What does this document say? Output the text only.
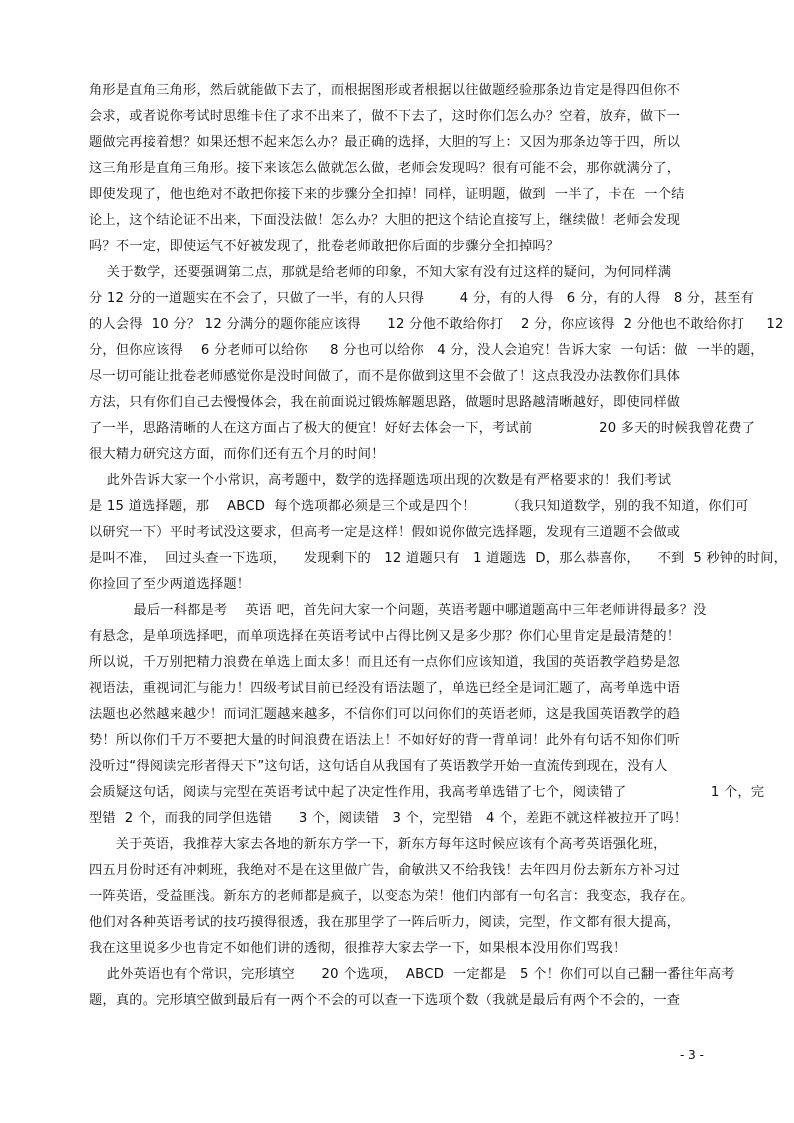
角形是直角三角形，然后就能做下去了，而根据图形或者根据以往做题经验那条边肯定是得四但你不
会求，或者说你考试时思维卡住了求不出来了，做不下去了，这时你们怎么办？空着，放弃，做下一
题做完再接着想？如果还想不起来怎么办？最正确的选择，大胆的写上：又因为那条边等于四，所以
这三角形是直角三角形。接下来该怎么做就怎么做，老师会发现吗？很有可能不会，那你就满分了，
即使发现了，他也绝对不敢把你接下来的步骤分全扣掉！同样，证明题，做到  一半了，卡在  一个结
论上，这个结论证不出来，下面没法做！怎么办？大胆的把这个结论直接写上，继续做！老师会发现
吗？不一定，即使运气不好被发现了，批卷老师敢把你后面的步骤分全扣掉吗？
关于数学，还要强调第二点，那就是给老师的印象，不知大家有没有过这样的疑问，为何同样满
分 12 分的一道题实在不会了，只做了一半，有的人只得        4 分，有的人得   6 分，有的人得   8 分，甚至有
的人会得  10 分？ 12 分满分的题你能应该得      12 分他不敢给你打    2 分，你应该得  2 分他也不敢给你打     12
分，但你应该得    6 分老师可以给你     8 分也可以给你   4 分，没人会追究！告诉大家  一句话：做  一半的题，
尽一切可能让批卷老师感觉你是没时间做了，而不是你做到这里不会做了！这点我没办法教你们具体
方法，只有你们自己去慢慢体会，我在前面说过锻炼解题思路，做题时思路越清晰越好，即使同样做
了一半，思路清晰的人在这方面占了极大的便宜！好好去体会一下，考试前               20 多天的时候我曾花费了
很大精力研究这方面，而你们还有五个月的时间！
此外告诉大家一个小常识，高考题中，数学的选择题选项出现的次数是有严格要求的！我们考试
是 15 道选择题，那    ABCD  每个选项都必须是三个或是四个！       （我只知道数学，别的我不知道，你们可
以研究一下）平时考试没这要求，但高考一定是这样！假如说你做完选择题，发现有三道题不会做或
是叫不准，  回过头查一下选项，    发现剩下的   12 道题只有   1 道题选  D，那么恭喜你，    不到  5 秒钟的时间，
你捡回了至少两道选择题！
最后一科都是考    英语 吧，首先问大家一个问题，英语考题中哪道题高中三年老师讲得最多？没
有悬念，是单项选择吧，而单项选择在英语考试中占得比例又是多少那？你们心里肯定是最清楚的！
所以说，千万别把精力浪费在单选上面太多！而且还有一点你们应该知道，我国的英语教学趋势是忽
视语法，重视词汇与能力！四级考试目前已经没有语法题了，单选已经全是词汇题了，高考单选中语
法题也必然越来越少！而词汇题越来越多，不信你们可以问你们的英语老师，这是我国英语教学的趋
势！所以你们千万不要把大量的时间浪费在语法上！不如好好的背一背单词！此外有句话不知你们听
没听过“得阅读完形者得天下”这句话，这句话自从我国有了英语教学开始一直流传到现在，没有人
会质疑这句话，阅读与完型在英语考试中起了决定性作用，我高考单选错了七个，阅读错了                   1 个，完
型错  2 个，而我的同学但选错      3 个，阅读错   3 个，完型错   4 个，差距不就这样被拉开了吗！
关于英语，我推荐大家去各地的新东方学一下，新东方每年这时候应该有个高考英语强化班，
四五月份时还有冲刺班，我绝对不是在这里做广告，俞敏洪又不给我钱！去年四月份去新东方补习过
一阵英语，受益匪浅。新东方的老师都是疯子，以变态为荣！他们内部有一句名言：我变态，我存在。
他们对各种英语考试的技巧摸得很透，我在那里学了一阵后听力，阅读，完型，作文都有很大提高，
我在这里说多少也肯定不如他们讲的透彻，很推荐大家去学一下，如果根本没用你们骂我！
此外英语也有个常识，完形填空      20 个选项，  ABCD  一定都是   5 个！你们可以自己翻一番往年高考
题，真的。完形填空做到最后有一两个不会的可以查一下选项个数（我就是最后有两个不会的，一查
- 3 -
